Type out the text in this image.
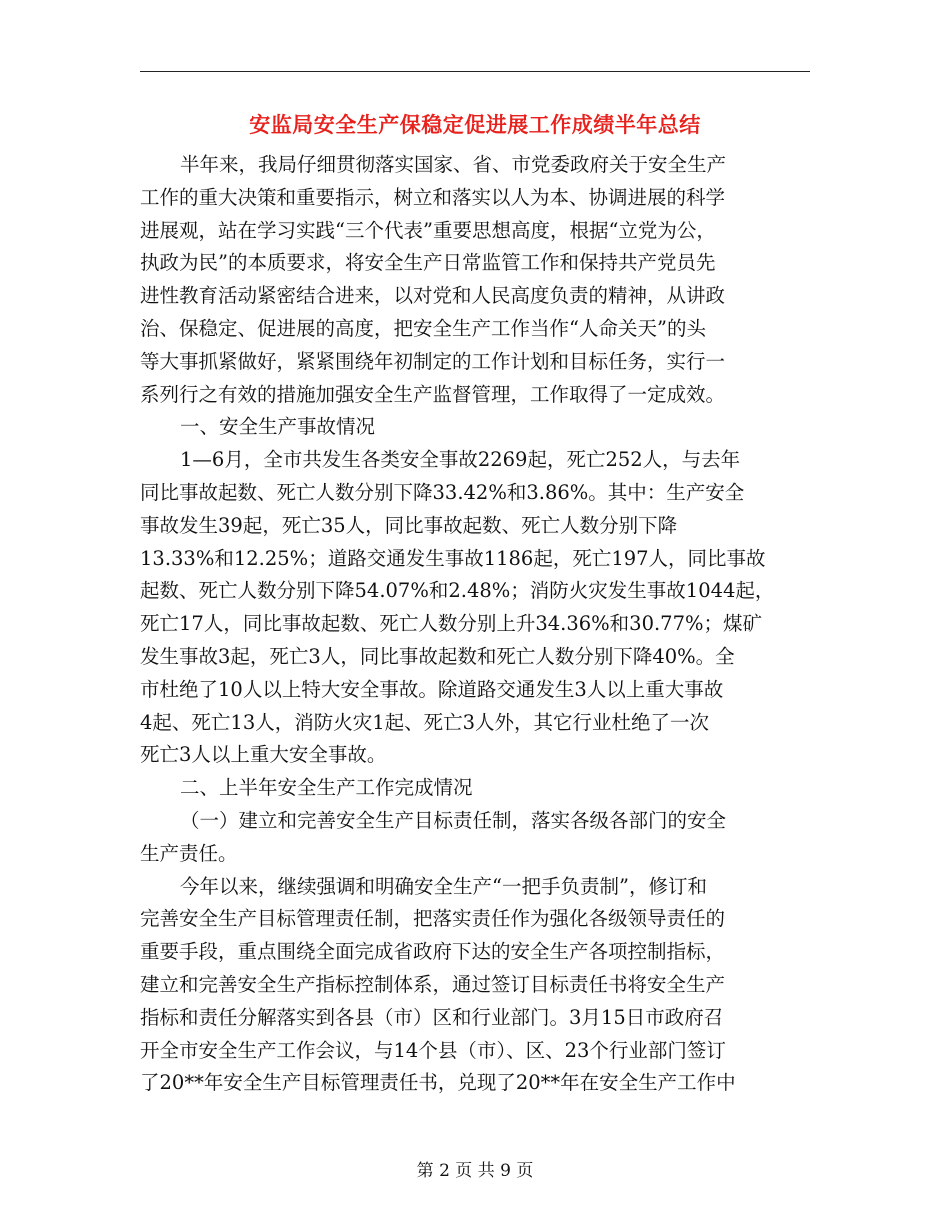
安监局安全生产保稳定促进展工作成绩半年总结
半年来，我局仔细贯彻落实国家、省、市党委政府关于安全生产
工作的重大决策和重要指示，树立和落实以人为本、协调进展的科学
进展观，站在学习实践“三个代表”重要思想高度，根据“立党为公，
执政为民”的本质要求，将安全生产日常监管工作和保持共产党员先
进性教育活动紧密结合进来，以对党和人民高度负责的精神，从讲政
治、保稳定、促进展的高度，把安全生产工作当作“人命关天”的头
等大事抓紧做好，紧紧围绕年初制定的工作计划和目标任务，实行一
系列行之有效的措施加强安全生产监督管理，工作取得了一定成效。
一、安全生产事故情况
1—6月，全市共发生各类安全事故2269起，死亡252人，与去年
同比事故起数、死亡人数分别下降33.42%和3.86%。其中：生产安全
事故发生39起，死亡35人，同比事故起数、死亡人数分别下降
13.33%和12.25%；道路交通发生事故1186起，死亡197人，同比事故
起数、死亡人数分别下降54.07%和2.48%；消防火灾发生事故1044起，
死亡17人，同比事故起数、死亡人数分别上升34.36%和30.77%；煤矿
发生事故3起，死亡3人，同比事故起数和死亡人数分别下降40%。全
市杜绝了10人以上特大安全事故。除道路交通发生3人以上重大事故
4起、死亡13人，消防火灾1起、死亡3人外，其它行业杜绝了一次
死亡3人以上重大安全事故。
二、上半年安全生产工作完成情况
（一）建立和完善安全生产目标责任制，落实各级各部门的安全
生产责任。
今年以来，继续强调和明确安全生产“一把手负责制”，修订和
完善安全生产目标管理责任制，把落实责任作为强化各级领导责任的
重要手段，重点围绕全面完成省政府下达的安全生产各项控制指标，
建立和完善安全生产指标控制体系，通过签订目标责任书将安全生产
指标和责任分解落实到各县（市）区和行业部门。3月15日市政府召
开全市安全生产工作会议，与14个县（市）、区、23个行业部门签订
了20**年安全生产目标管理责任书，兑现了20**年在安全生产工作中
第 2 页 共 9 页
